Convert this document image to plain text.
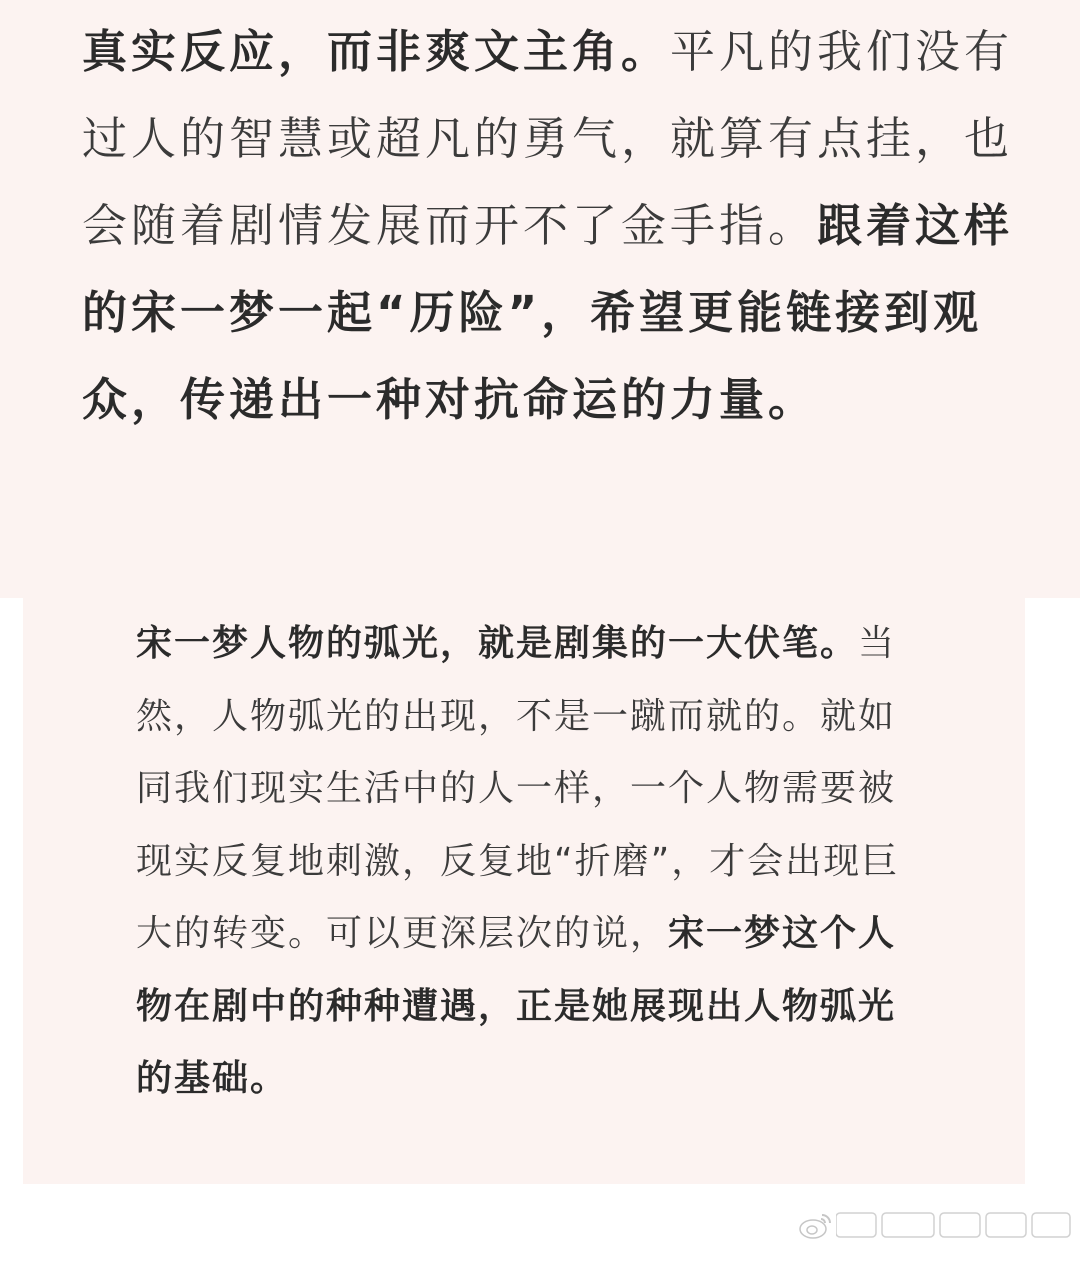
真实反应，而非爽文主角。平凡的我们没有过人的智慧或超凡的勇气，就算有点挂，也会随着剧情发展而开不了金手指。跟着这样的宋一梦一起“历险”，希望更能链接到观众，传递出一种对抗命运的力量。

宋一梦人物的弧光，就是剧集的一大伏笔。当然，人物弧光的出现，不是一蹴而就的。就如同我们现实生活中的人一样，一个人物需要被现实反复地刺激，反复地“折磨”，才会出现巨大的转变。可以更深层次的说，宋一梦这个人物在剧中的种种遭遇，正是她展现出人物弧光的基础。
